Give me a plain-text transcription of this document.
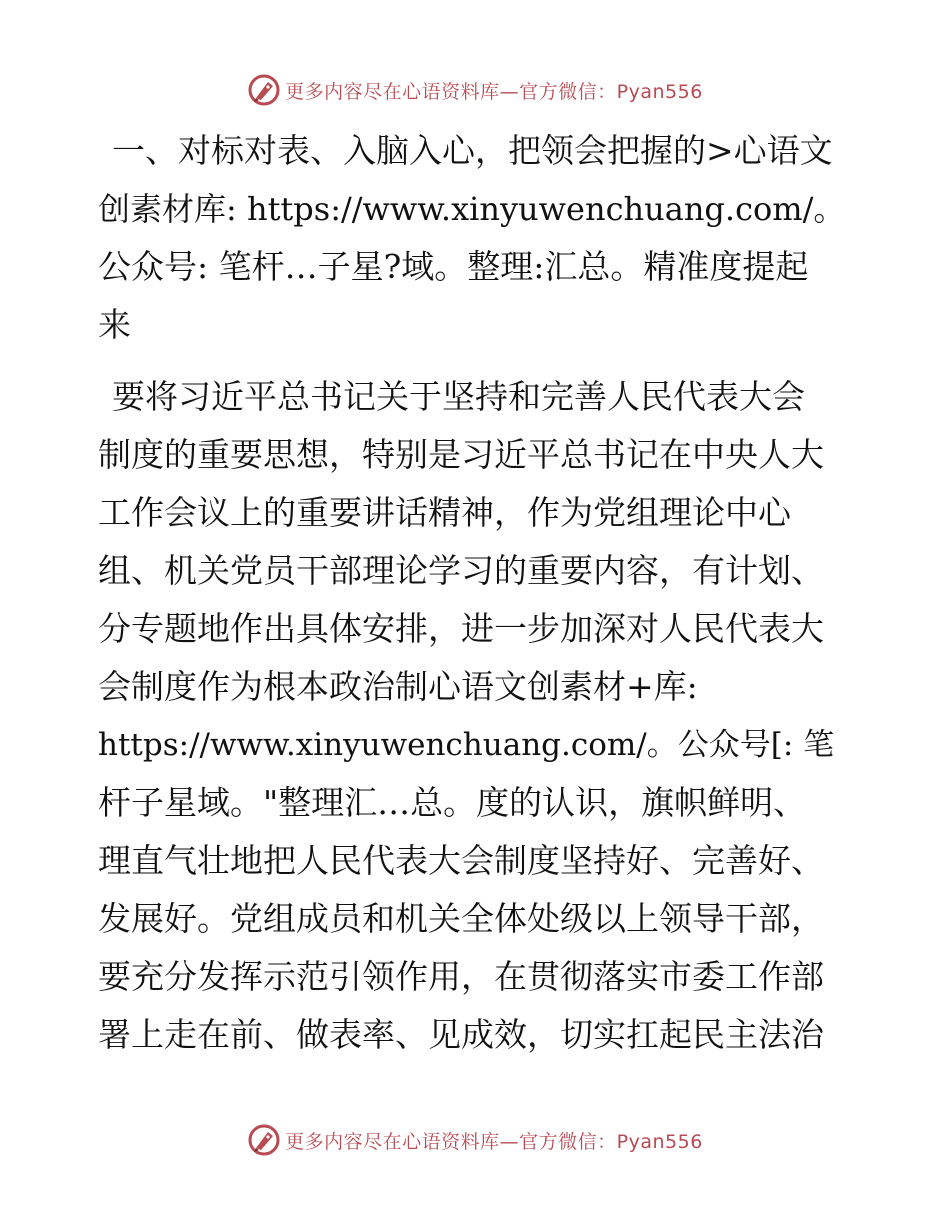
更多内容尽在心语资料库—官方微信：Pyan556
一、对标对表、入脑入心，把领会把握的>心语文
创素材库: https://www.xinyuwenchuang.com/。
公众号: 笔杆…子星?域。整理:汇总。精准度提起
来
要将习近平总书记关于坚持和完善人民代表大会
制度的重要思想，特别是习近平总书记在中央人大
工作会议上的重要讲话精神，作为党组理论中心
组、机关党员干部理论学习的重要内容，有计划、
分专题地作出具体安排，进一步加深对人民代表大
会制度作为根本政治制心语文创素材+库:
https://www.xinyuwenchuang.com/。公众号[: 笔
杆子星域。"整理汇…总。度的认识，旗帜鲜明、
理直气壮地把人民代表大会制度坚持好、完善好、
发展好。党组成员和机关全体处级以上领导干部，
要充分发挥示范引领作用，在贯彻落实市委工作部
署上走在前、做表率、见成效，切实扛起民主法治
更多内容尽在心语资料库—官方微信：Pyan556
